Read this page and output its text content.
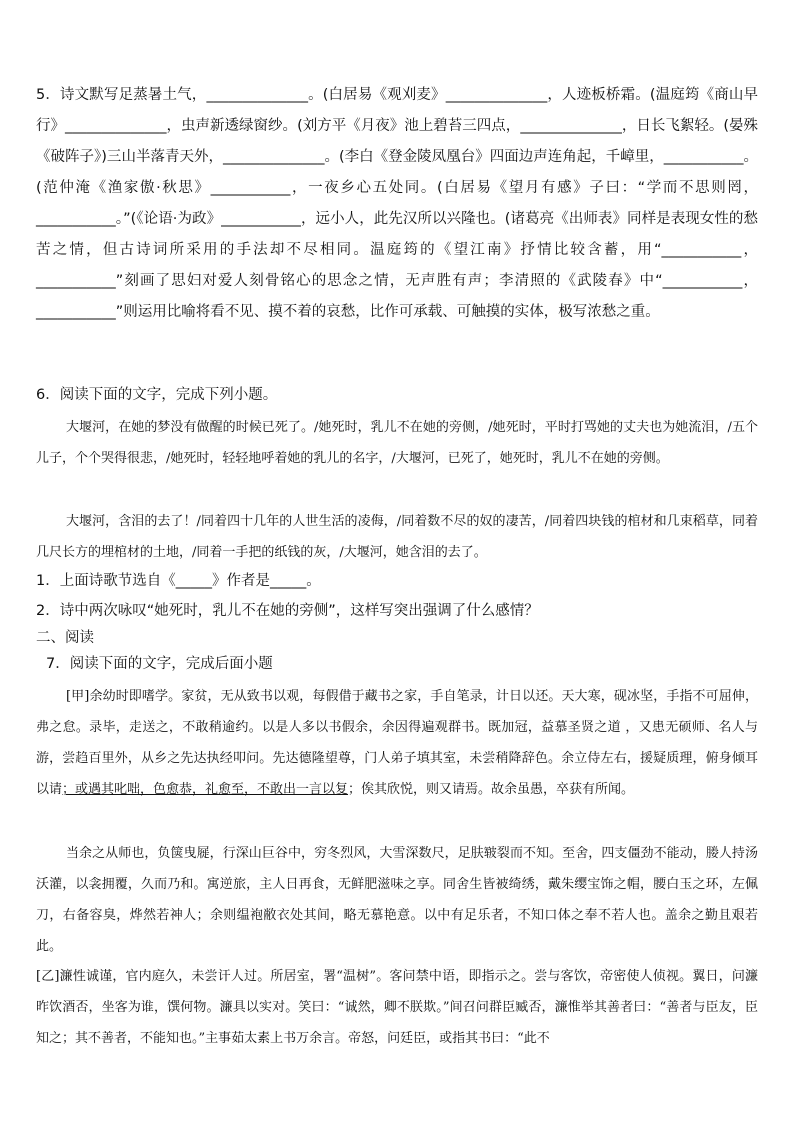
5．诗文默写足蒸暑土气，______________。(白居易《观刈麦》______________，人迹板桥霜。(温庭筠《商山早行》______________，虫声新透绿窗纱。(刘方平《月夜》池上碧苔三四点，______________，日长飞絮轻。(晏殊《破阵子》)三山半落青天外，______________。(李白《登金陵凤凰台》四面边声连角起，千嶂里，___________。(范仲淹《渔家傲·秋思》___________，一夜乡心五处同。(白居易《望月有感》子曰：“学而不思则罔，___________。”(《论语·为政》___________，远小人，此先汉所以兴隆也。(诸葛亮《出师表》同样是表现女性的愁苦之情，但古诗词所采用的手法却不尽相同。温庭筠的《望江南》抒情比较含蓄，用“___________，___________”刻画了思妇对爱人刻骨铭心的思念之情，无声胜有声；李清照的《武陵春》中“___________，___________”则运用比喻将看不见、摸不着的哀愁，比作可承载、可触摸的实体，极写浓愁之重。

6．阅读下面的文字，完成下列小题。

大堰河，在她的梦没有做醒的时候已死了。/她死时，乳儿不在她的旁侧，/她死时，平时打骂她的丈夫也为她流泪，/五个儿子，个个哭得很悲，/她死时，轻轻地呼着她的乳儿的名字，/大堰河，已死了，她死时，乳儿不在她的旁侧。

大堰河，含泪的去了！/同着四十几年的人世生活的凌侮，/同着数不尽的奴的凄苦，/同着四块钱的棺材和几束稻草，同着几尺长方的埋棺材的土地，/同着一手把的纸钱的灰，/大堰河，她含泪的去了。

1．上面诗歌节选自《_____》作者是_____。

2．诗中两次咏叹“她死时，乳儿不在她的旁侧”，这样写突出强调了什么感情？

二、阅读

7．阅读下面的文字，完成后面小题

[甲]余幼时即嗜学。家贫，无从致书以观，每假借于藏书之家，手自笔录，计日以还。天大寒，砚冰坚，手指不可屈伸，弗之怠。录毕，走送之，不敢稍逾约。以是人多以书假余，余因得遍观群书。既加冠，益慕圣贤之道 ，又患无硕师、名人与游，尝趋百里外，从乡之先达执经叩问。先达德隆望尊，门人弟子填其室，未尝稍降辞色。余立侍左右，援疑质理，俯身倾耳以请；或遇其叱咄，色愈恭，礼愈至，不敢出一言以复；俟其欣悦，则又请焉。故余虽愚，卒获有所闻。

当余之从师也，负箧曳屣，行深山巨谷中，穷冬烈风，大雪深数尺，足肤皲裂而不知。至舍，四支僵劲不能动，媵人持汤沃灌，以衾拥覆，久而乃和。寓逆旅，主人日再食，无鲜肥滋味之享。同舍生皆被绮绣，戴朱缨宝饰之帽，腰白玉之环，左佩刀，右备容臭，烨然若神人；余则缊袍敝衣处其间，略无慕艳意。以中有足乐者，不知口体之奉不若人也。盖余之勤且艰若此。

[乙]濂性诚谨，官内庭久，未尝讦人过。所居室，署“温树”。客问禁中语，即指示之。尝与客饮，帝密使人侦视。翼日，问濂昨饮酒否，坐客为谁，馔何物。濂具以实对。笑曰：“诚然，卿不朕欺。”间召问群臣臧否，濂惟举其善者曰：“善者与臣友，臣知之；其不善者，不能知也。”主事茹太素上书万余言。帝怒，问廷臣，或指其书曰：“此不
